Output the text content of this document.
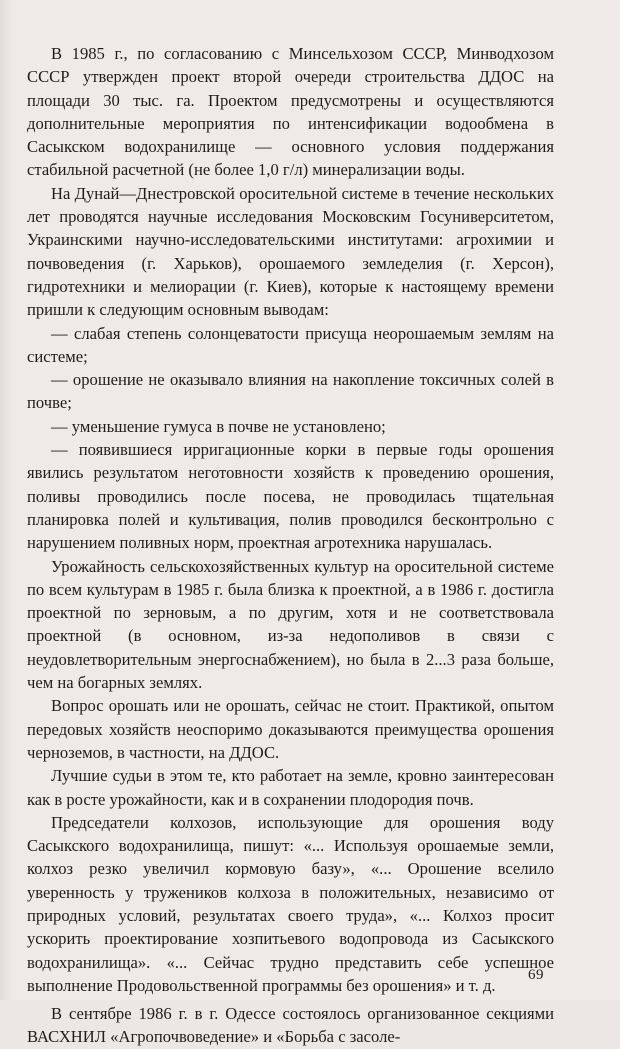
В 1985 г., по согласованию с Минсельхозом СССР, Минводхозом СССР утвержден проект второй очереди строительства ДДОС на площади 30 тыс. га. Проектом предусмотрены и осуществляются дополнительные мероприятия по интенсификации водообмена в Сасыкском водохранилище — основного условия поддержания стабильной расчетной (не более 1,0 г/л) минерализации воды.

На Дунай—Днестровской оросительной системе в течение нескольких лет проводятся научные исследования Московским Госуниверситетом, Украинскими научно-исследовательскими институтами: агрохимии и почвоведения (г. Харьков), орошаемого земледелия (г. Херсон), гидротехники и мелиорации (г. Киев), которые к настоящему времени пришли к следующим основным выводам:

— слабая степень солонцеватости присуща неорошаемым землям на системе;

— орошение не оказывало влияния на накопление токсичных солей в почве;

— уменьшение гумуса в почве не установлено;

— появившиеся ирригационные корки в первые годы орошения явились результатом неготовности хозяйств к проведению орошения, поливы проводились после посева, не проводилась тщательная планировка полей и культивация, полив проводился бесконтрольно с нарушением поливных норм, проектная агротехника нарушалась.

Урожайность сельскохозяйственных культур на оросительной системе по всем культурам в 1985 г. была близка к проектной, а в 1986 г. достигла проектной по зерновым, а по другим, хотя и не соответствовала проектной (в основном, из-за недополивов в связи с неудовлетворительным энергоснабжением), но была в 2...3 раза больше, чем на богарных землях.

Вопрос орошать или не орошать, сейчас не стоит. Практикой, опытом передовых хозяйств неоспоримо доказываются преимущества орошения черноземов, в частности, на ДДОС.

Лучшие судьи в этом те, кто работает на земле, кровно заинтересован как в росте урожайности, как и в сохранении плодородия почв.

Председатели колхозов, использующие для орошения воду Сасыкского водохранилища, пишут: «... Используя орошаемые земли, колхоз резко увеличил кормовую базу», «... Орошение вселило уверенность у тружеников колхоза в положительных, независимо от природных условий, результатах своего труда», «... Колхоз просит ускорить проектирование хозпитьевого водопровода из Сасыкского водохранилища». «... Сейчас трудно представить себе успешное выполнение Продовольственной программы без орошения» и т. д.

В сентябре 1986 г. в г. Одессе состоялось организованное секциями ВАСХНИЛ «Агропочвоведение» и «Борьба с засоле-

69
